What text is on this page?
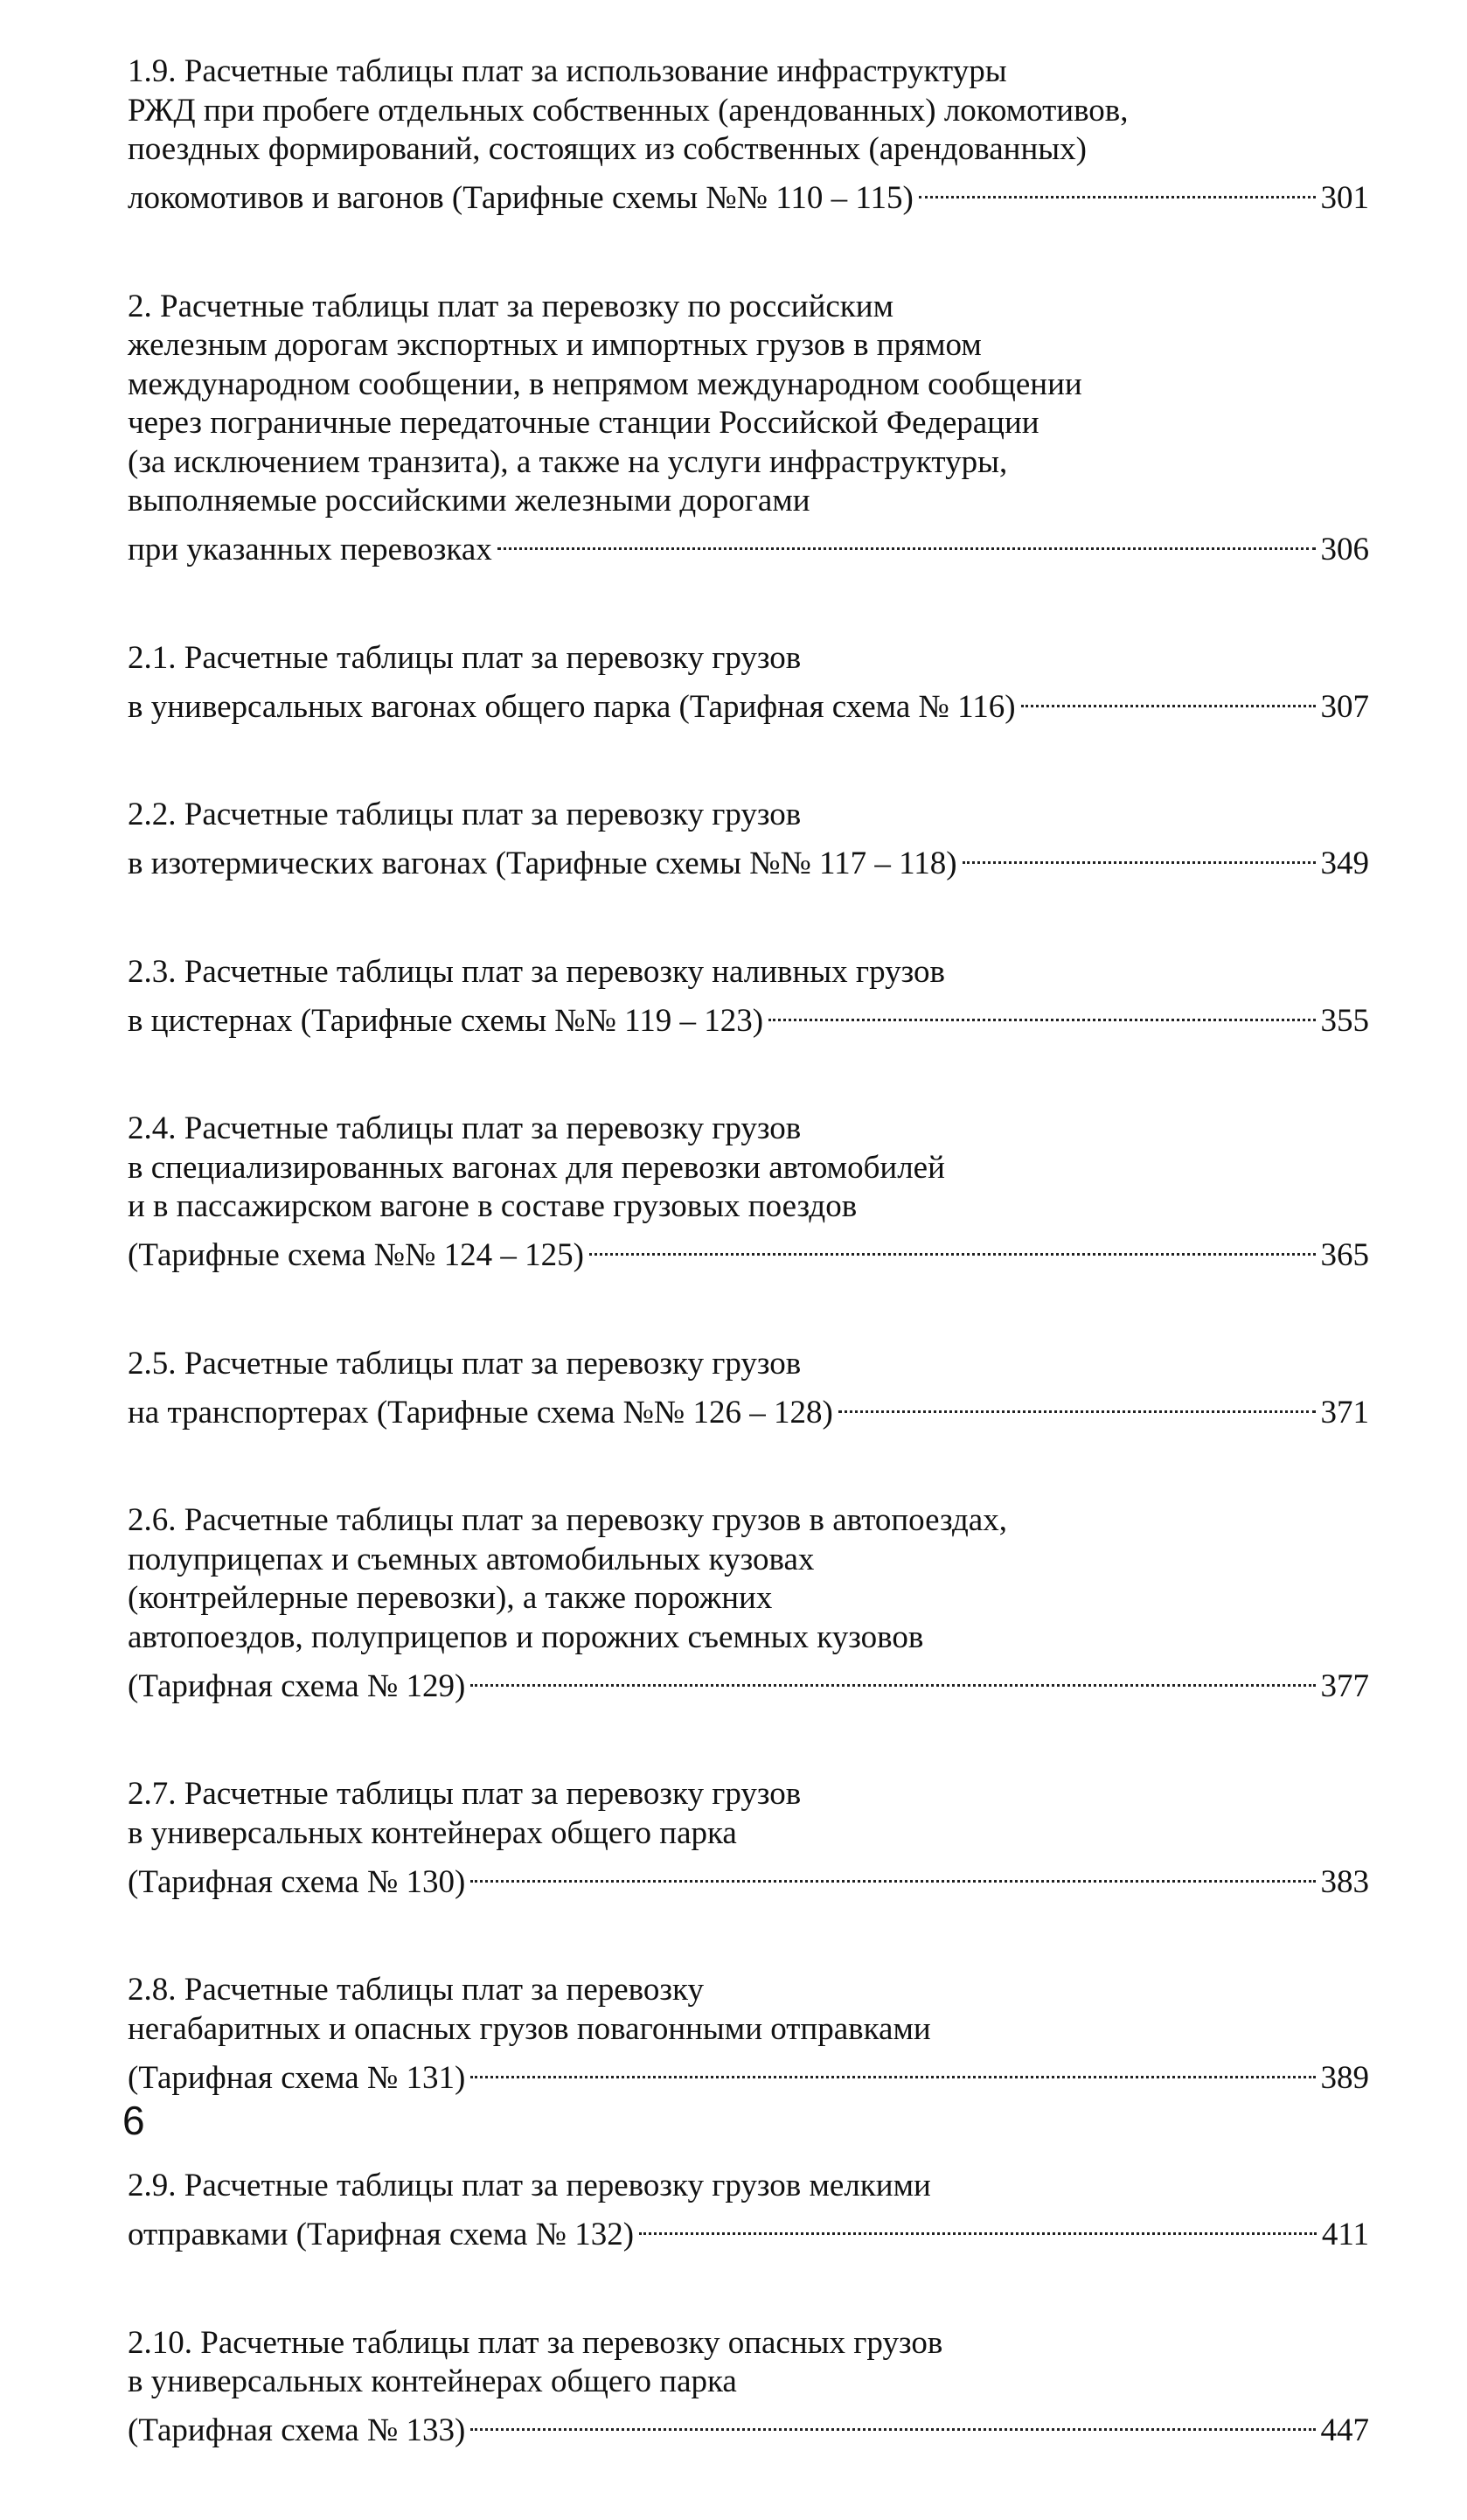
1.9. Расчетные таблицы плат за использование инфраструктуры
РЖД при пробеге отдельных собственных (арендованных) локомотивов,
поездных формирований, состоящих из собственных (арендованных)
локомотивов и вагонов (Тарифные схемы №№ 110 – 115)	301
2. Расчетные таблицы плат за перевозку по российским
железным дорогам экспортных и импортных грузов в прямом
международном сообщении, в непрямом международном сообщении
через пограничные передаточные станции Российской Федерации
(за исключением транзита), а также на услуги инфраструктуры,
выполняемые российскими железными дорогами
при указанных перевозках	306
2.1. Расчетные таблицы плат за перевозку грузов
в универсальных вагонах общего парка (Тарифная схема № 116)	307
2.2. Расчетные таблицы плат за перевозку грузов
в изотермических вагонах (Тарифные схемы №№ 117 – 118)	349
2.3. Расчетные таблицы плат за перевозку наливных грузов
в цистернах (Тарифные схемы №№ 119 – 123)	355
2.4. Расчетные таблицы плат за перевозку грузов
в специализированных вагонах для перевозки автомобилей
и в пассажирском вагоне в составе грузовых поездов
(Тарифные схема №№ 124 – 125)	365
2.5. Расчетные таблицы плат за перевозку грузов
на транспортерах (Тарифные схема №№ 126 – 128)	371
2.6. Расчетные таблицы плат за перевозку грузов в автопоездах,
полуприцепах и съемных автомобильных кузовах
(контрейлерные перевозки), а также порожних
автопоездов, полуприцепов и порожних съемных кузовов
(Тарифная схема № 129)	377
2.7. Расчетные таблицы плат за перевозку грузов
в универсальных контейнерах общего парка
(Тарифная схема № 130)	383
2.8. Расчетные таблицы плат за перевозку
негабаритных и опасных грузов повагонными отправками
(Тарифная схема № 131)	389
2.9. Расчетные таблицы плат за перевозку грузов мелкими
отправками (Тарифная схема № 132)	411
2.10. Расчетные таблицы плат за перевозку опасных грузов
в универсальных контейнерах общего парка
(Тарифная схема № 133)	447
6
